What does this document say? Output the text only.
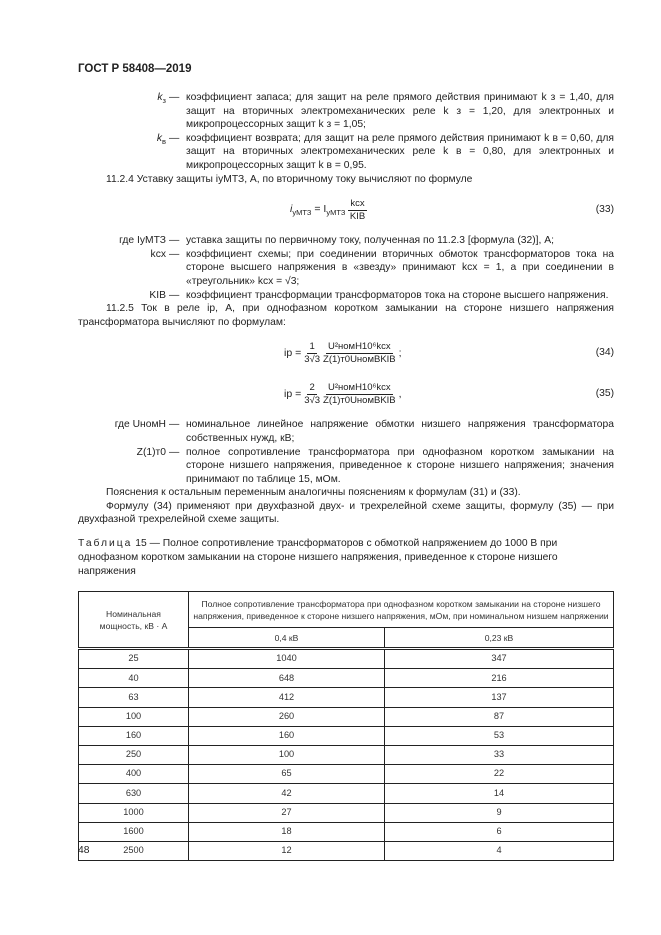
ГОСТ Р 58408—2019
$k_з$ — коэффициент запаса; для защит на реле прямого действия принимают k з = 1,40, для защит на вторичных электромеханических реле k з = 1,20, для электронных и микропроцессорных защит k з = 1,05;
$k_в$ — коэффициент возврата; для защит на реле прямого действия принимают k в = 0,60, для защит на вторичных электромеханических реле k в = 0,80, для электронных и микропроцессорных защит k в = 0,95.
11.2.4 Уставку защиты iуМТЗ, А, по вторичному току вычисляют по формуле
$i_{уМТЗ} = I_{уМТЗ} \frac{\text{kсх}}{\text{KIВ}}$	(33)
где IуМТЗ — уставка защиты по первичному току, полученная по 11.2.3 [формула (32)], А;
kсх — коэффициент схемы; при соединении вторичных обмоток трансформаторов тока на стороне высшего напряжения в «звезду» принимают kсх = 1, а при соединении в «треугольник» kсх = √3;
KIВ — коэффициент трансформации трансформаторов тока на стороне высшего напряжения.
11.2.5 Ток в реле iр, А, при однофазном коротком замыкании на стороне низшего напряжения трансформатора вычисляют по формулам:
iр = $\frac{1}{3√3} \frac{\text{U²номН10⁶kсх}}{\text{Z(1)т0UномВKIВ}}$ ;	(34)
iр = $\frac{2}{3√3} \frac{\text{U²номН10⁶kсх}}{\text{Z(1)т0UномВKIВ}}$ ,	(35)
где UномН — номинальное линейное напряжение обмотки низшего напряжения трансформатора собственных нужд, кВ;
Z(1)т0 — полное сопротивление трансформатора при однофазном коротком замыкании на стороне низшего напряжения, приведенное к стороне низшего напряжения; значения принимают по таблице 15, мОм.
Пояснения к остальным переменным аналогичны пояснениям к формулам (31) и (33).
Формулу (34) применяют при двухфазной двух- и трехрелейной схеме защиты, формулу (35) — при двухфазной трехрелейной схеме защиты.
Таблица 15 — Полное сопротивление трансформаторов с обмоткой напряжением до 1000 В при однофазном коротком замыкании на стороне низшего напряжения, приведенное к стороне низшего напряжения
Номинальная мощность, кВ · А	Полное сопротивление трансформатора при однофазном коротком замыкании на стороне низшего напряжения, приведенное к стороне низшего напряжения, мОм, при номинальном низшем напряжении	
	0,4 кВ	0,23 кВ
25	1040	347
40	648	216
63	412	137
100	260	87
160	160	53
250	100	33
400	65	22
630	42	14
1000	27	9
1600	18	6
2500	12	4
48
